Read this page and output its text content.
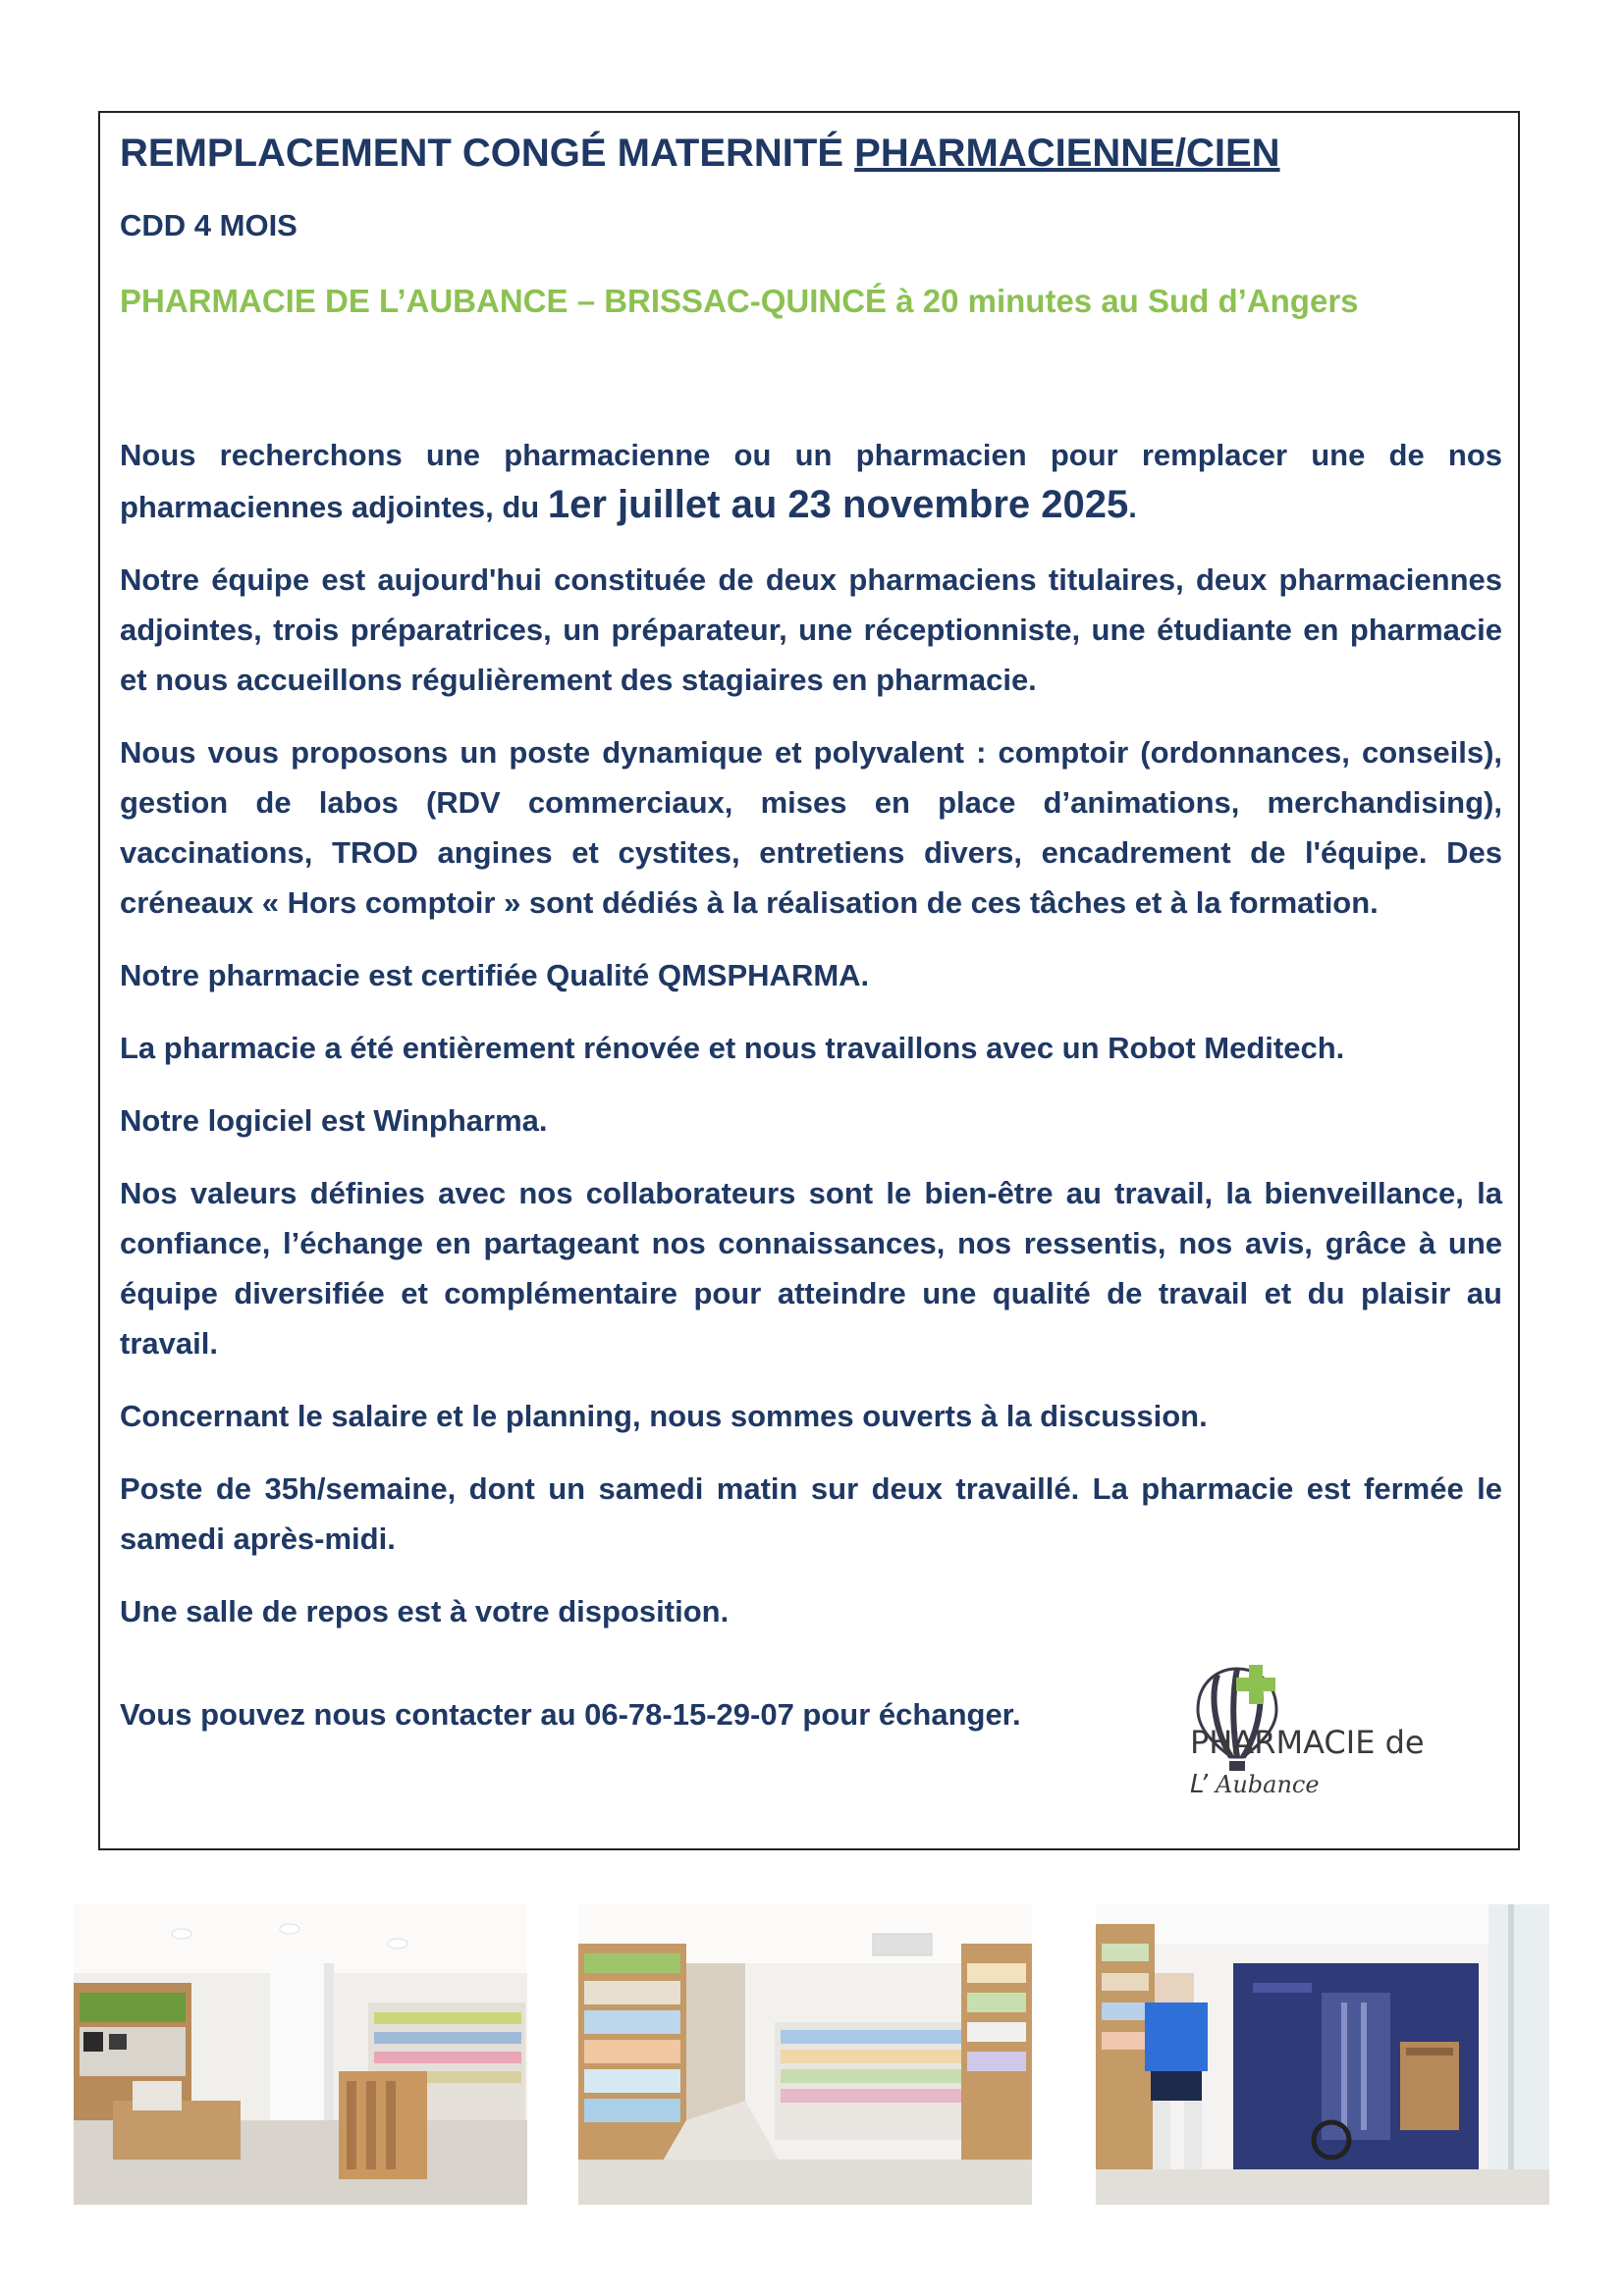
REMPLACEMENT CONGÉ MATERNITÉ PHARMACIENNE/CIEN

CDD 4 MOIS

PHARMACIE DE L’AUBANCE – BRISSAC-QUINCÉ à 20 minutes au Sud d’Angers

Nous recherchons une pharmacienne ou un pharmacien pour remplacer une de nos pharmaciennes adjointes, du 1er juillet au 23 novembre 2025.

Notre équipe est aujourd'hui constituée de deux pharmaciens titulaires, deux pharmaciennes adjointes, trois préparatrices, un préparateur, une réceptionniste, une étudiante en pharmacie et nous accueillons régulièrement des stagiaires en pharmacie.

Nous vous proposons un poste dynamique et polyvalent : comptoir (ordonnances, conseils), gestion de labos (RDV commerciaux, mises en place d’animations, merchandising), vaccinations, TROD angines et cystites, entretiens divers, encadrement de l'équipe. Des créneaux « Hors comptoir » sont dédiés à la réalisation de ces tâches et à la formation.

Notre pharmacie est certifiée Qualité QMSPHARMA.

La pharmacie a été entièrement rénovée et nous travaillons avec un Robot Meditech.

Notre logiciel est Winpharma.

Nos valeurs définies avec nos collaborateurs sont le bien-être au travail, la bienveillance, la confiance, l’échange en partageant nos connaissances, nos ressentis, nos avis, grâce à une équipe diversifiée et complémentaire pour atteindre une qualité de travail et du plaisir au travail.

Concernant le salaire et le planning, nous sommes ouverts à la discussion.

Poste de 35h/semaine, dont un samedi matin sur deux travaillé. La pharmacie est fermée le samedi après-midi.

Une salle de repos est à votre disposition.

Vous pouvez nous contacter au 06-78-15-29-07 pour échanger.

PHARMACIE de
L’ Aubance
